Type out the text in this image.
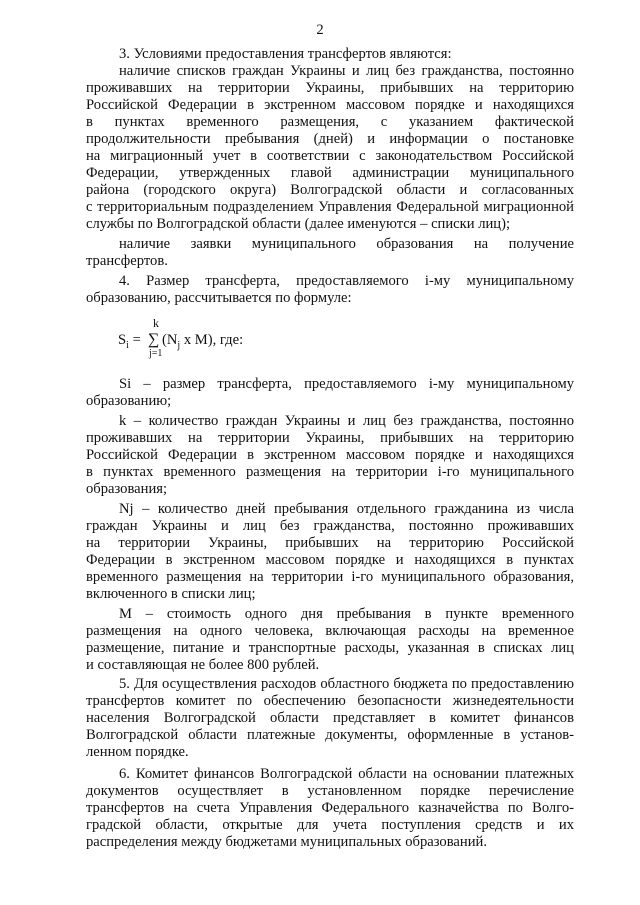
2
3. Условиями предоставления трансфертов являются:
наличие списков граждан Украины и лиц без гражданства, постоянно
проживавших на территории Украины, прибывших на территорию
Российской Федерации в экстренном массовом порядке и находящихся
в пунктах временного размещения, с указанием фактической
продолжительности пребывания (дней) и информации о постановке
на миграционный учет в соответствии с законодательством Российской
Федерации, утвержденных главой администрации муниципального
района (городского округа) Волгоградской области и согласованных
с территориальным подразделением Управления Федеральной миграционной
службы по Волгоградской области (далее именуются – списки лиц);
наличие заявки муниципального образования на получение
трансфертов.
4. Размер трансферта, предоставляемого i-му муниципальному
образованию, рассчитывается по формуле:
$S_i$ =
k
∑
j=1
($N_j$ x M), где:
Si – размер трансферта, предоставляемого i-му муниципальному
образованию;
k – количество граждан Украины и лиц без гражданства, постоянно
проживавших на территории Украины, прибывших на территорию
Российской Федерации в экстренном массовом порядке и находящихся
в пунктах временного размещения на территории i-го муниципального
образования;
Nj – количество дней пребывания отдельного гражданина из числа
граждан Украины и лиц без гражданства, постоянно проживавших
на территории Украины, прибывших на территорию Российской
Федерации в экстренном массовом порядке и находящихся в пунктах
временного размещения на территории i-го муниципального образования,
включенного в списки лиц;
М – стоимость одного дня пребывания в пункте временного
размещения на одного человека, включающая расходы на временное
размещение, питание и транспортные расходы, указанная в списках лиц
и составляющая не более 800 рублей.
5. Для осуществления расходов областного бюджета по предоставлению
трансфертов комитет по обеспечению безопасности жизнедеятельности
населения Волгоградской области представляет в комитет финансов
Волгоградской области платежные документы, оформленные в установ-
ленном порядке.
6. Комитет финансов Волгоградской области на основании платежных
документов осуществляет в установленном порядке перечисление
трансфертов на счета Управления Федерального казначейства по Волго-
градской области, открытые для учета поступления средств и их
распределения между бюджетами муниципальных образований.
